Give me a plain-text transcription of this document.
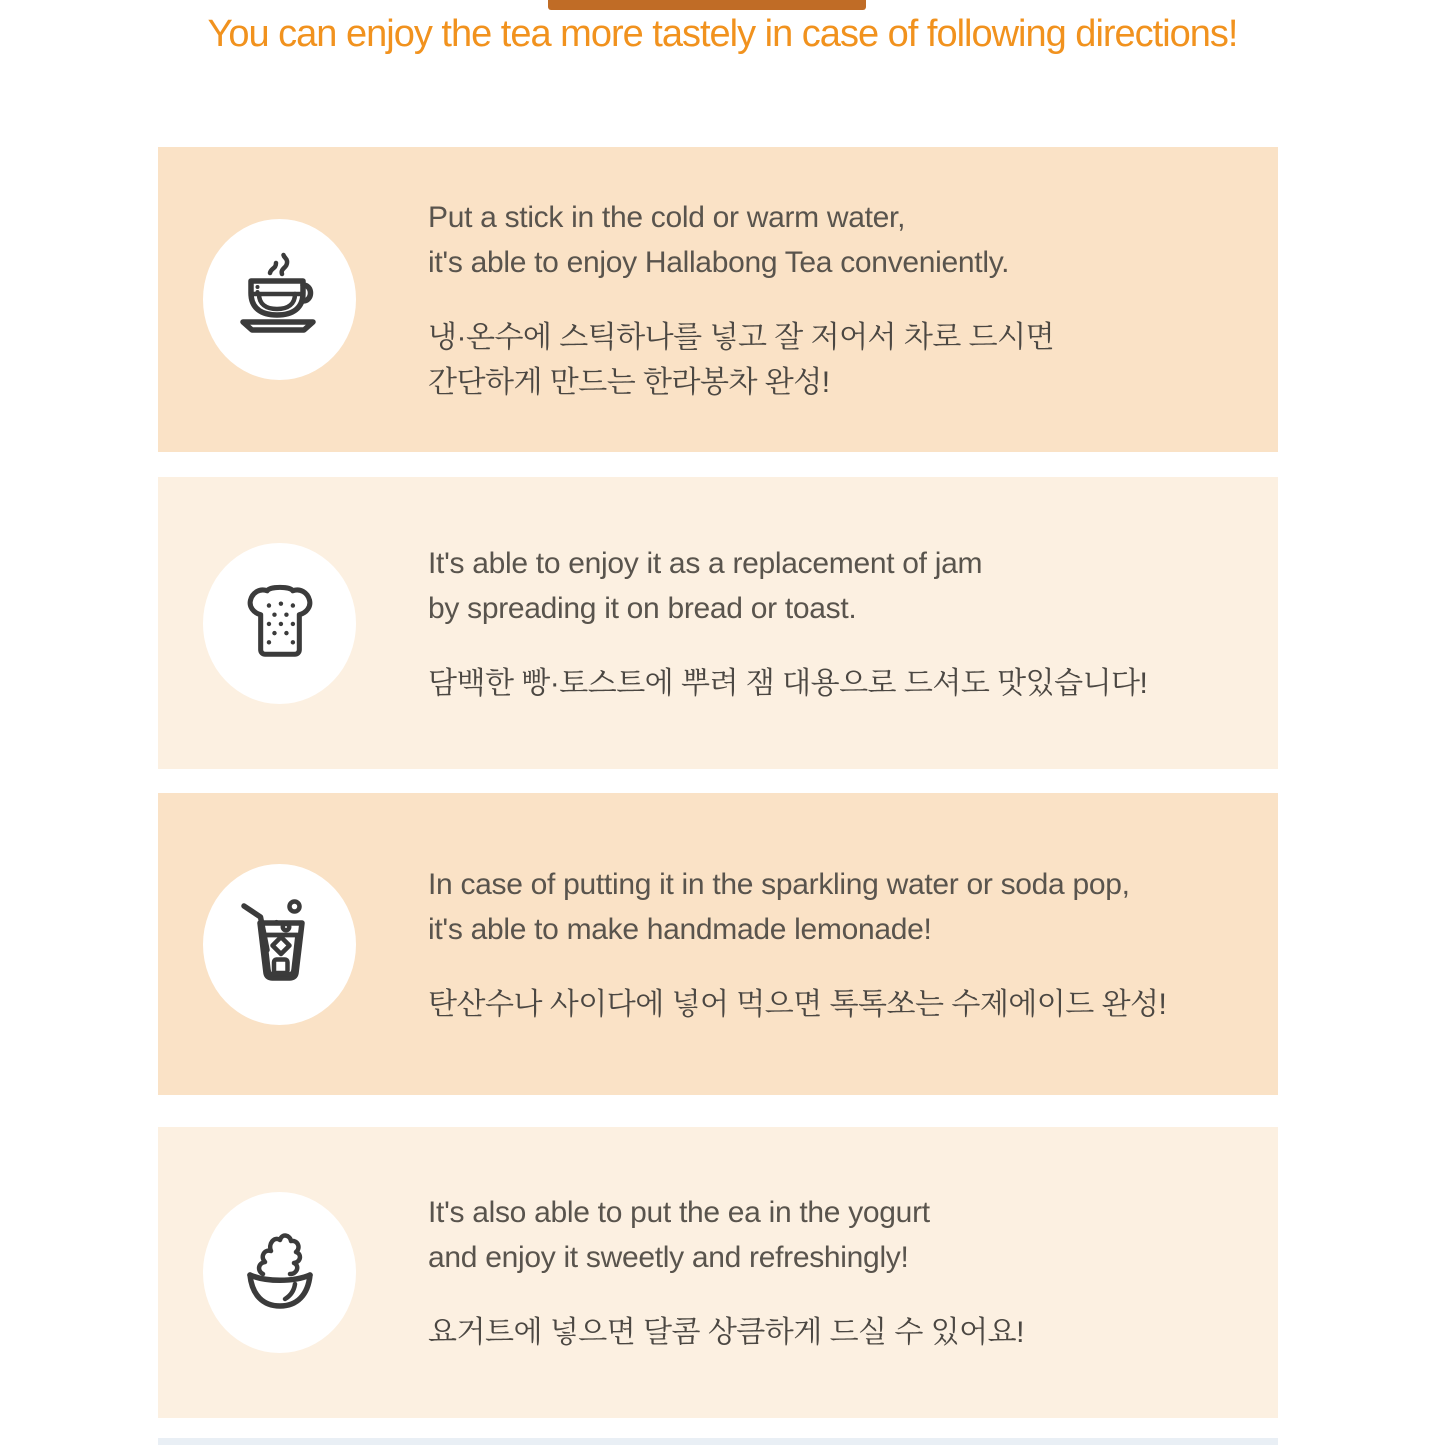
You can enjoy the tea more tastely in case of following directions!
Put a stick in the cold or warm water,
it's able to enjoy Hallabong Tea conveniently.
냉·온수에 스틱하나를 넣고 잘 저어서 차로 드시면
간단하게 만드는 한라봉차 완성!
It's able to enjoy it as a replacement of jam
by spreading it on bread or toast.
담백한 빵·토스트에 뿌려 잼 대용으로 드셔도 맛있습니다!
In case of putting it in the sparkling water or soda pop,
it's able to make handmade lemonade!
탄산수나 사이다에 넣어 먹으면 톡톡쏘는 수제에이드 완성!
It's also able to put the ea in the yogurt
and enjoy it sweetly and refreshingly!
요거트에 넣으면 달콤 상큼하게 드실 수 있어요!
